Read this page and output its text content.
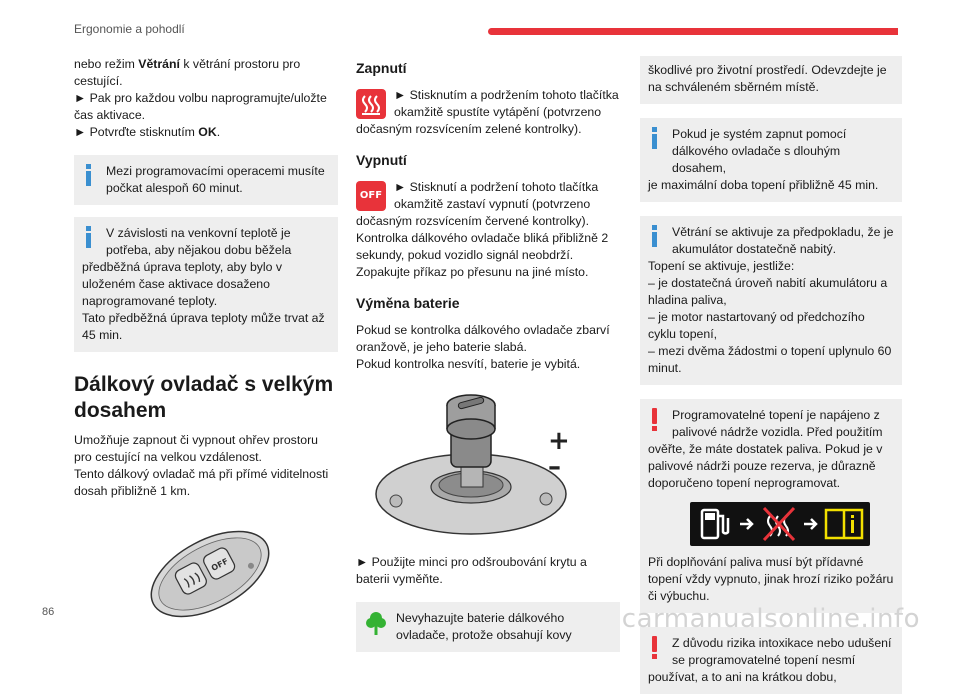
Ergonomie a pohodlí

nebo režim Větrání k větrání prostoru pro cestující.

► Pak pro každou volbu naprogramujte/uložte čas aktivace.

► Potvrďte stisknutím OK.

Mezi programovacími operacemi musíte počkat alespoň 60 minut.
V závislosti na venkovní teplotě je potřeba, aby nějakou dobu běžela
předběžná úprava teploty, aby bylo v uloženém čase aktivace dosaženo naprogramované teploty.
Tato předběžná úprava teploty může trvat až 45 min.
Dálkový ovladač s velkým dosahem

Umožňuje zapnout či vypnout ohřev prostoru pro cestující na velkou vzdálenost.

Tento dálkový ovladač má při přímé viditelnosti dosah přibližně 1 km.

OFF
Zapnutí
► Stisknutím a podržením tohoto tlačítka okamžitě spustíte vytápění (potvrzeno
dočasným rozsvícením zelené kontrolky).
Vypnutí
OFF
► Stisknutí a podržení tohoto tlačítka okamžitě zastaví vypnutí (potvrzeno
dočasným rozsvícením červené kontrolky).

Kontrolka dálkového ovladače bliká přibližně 2 sekundy, pokud vozidlo signál neobdrží.

Zopakujte příkaz po přesunu na jiné místo.

Výměna baterie

Pokud se kontrolka dálkového ovladače zbarví oranžově, je jeho baterie slabá.

Pokud kontrolka nesvítí, baterie je vybitá.

+
–

► Použijte minci pro odšroubování krytu a baterii vyměňte.

Nevyhazujte baterie dálkového ovladače, protože obsahují kovy
škodlivé pro životní prostředí. Odevzdejte je na schváleném sběrném místě.
Pokud je systém zapnut pomocí dálkového ovladače s dlouhým dosahem,
je maximální doba topení přibližně 45 min.
Větrání se aktivuje za předpokladu, že je akumulátor dostatečně nabitý.
Topení se aktivuje, jestliže:
– je dostatečná úroveň nabití akumulátoru a hladina paliva,
– je motor nastartovaný od předchozího cyklu topení,
– mezi dvěma žádostmi o topení uplynulo 60 minut.
Programovatelné topení je napájeno z palivové nádrže vozidla. Před použitím
ověřte, že máte dostatek paliva. Pokud je v palivové nádrži pouze rezerva, je důrazně doporučeno topení neprogramovat.
Při doplňování paliva musí být přídavné topení vždy vypnuto, jinak hrozí riziko požáru či výbuchu.
Z důvodu rizika intoxikace nebo udušení se programovatelné topení nesmí
používat, a to ani na krátkou dobu,
86	carmanualsonline.info
